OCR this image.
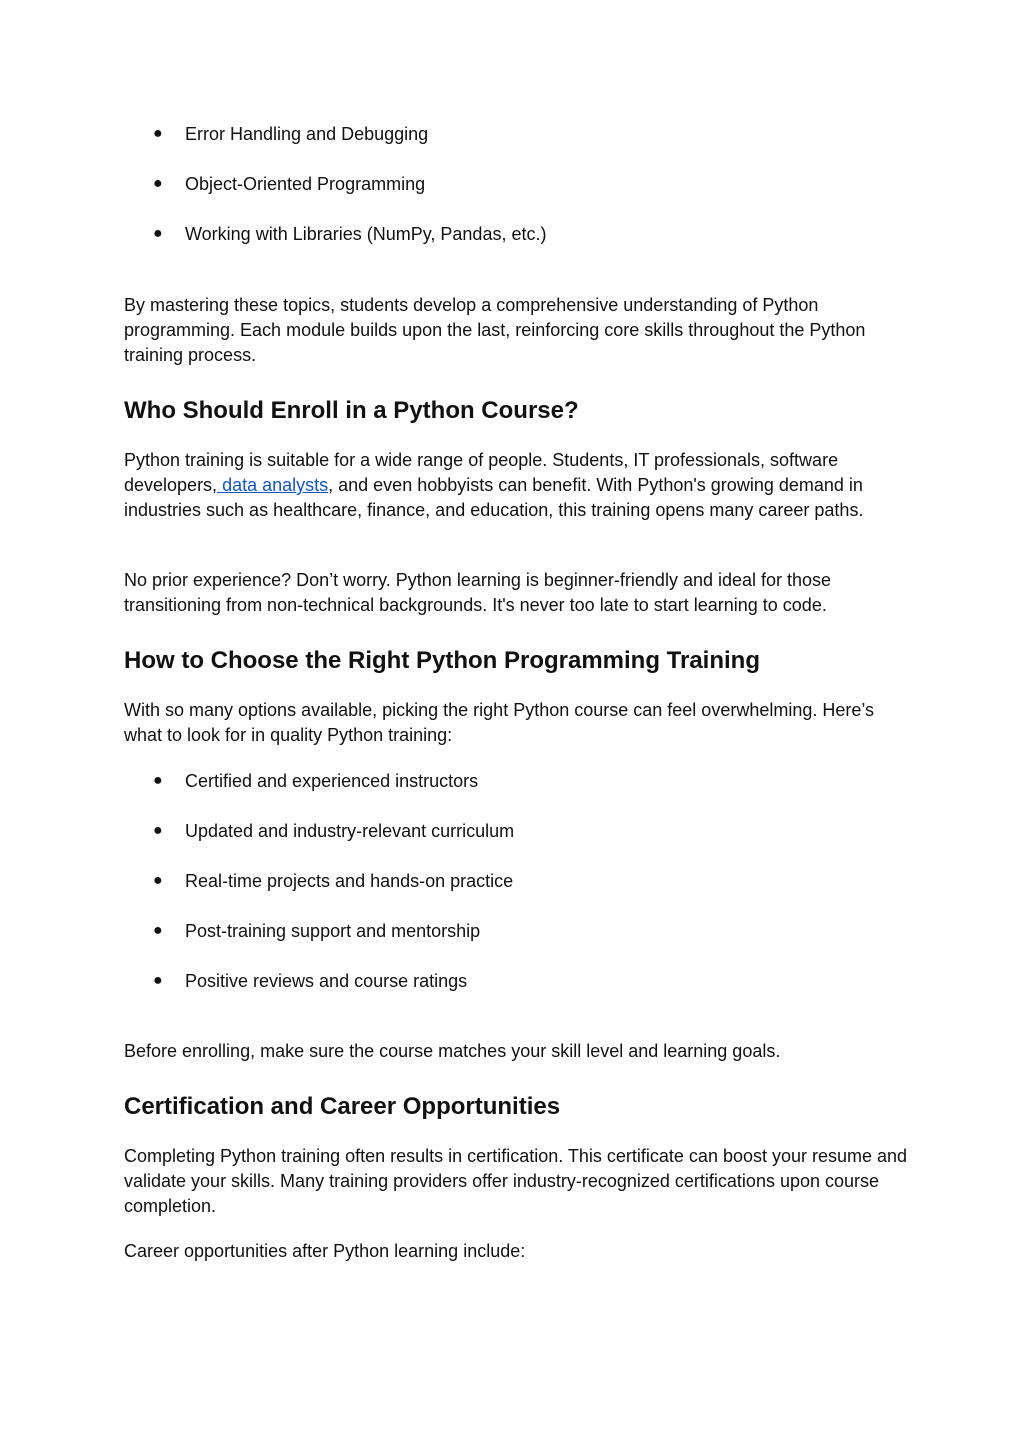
● Error Handling and Debugging
● Object-Oriented Programming
● Working with Libraries (NumPy, Pandas, etc.)

By mastering these topics, students develop a comprehensive understanding of Python programming. Each module builds upon the last, reinforcing core skills throughout the Python training process.

Who Should Enroll in a Python Course?

Python training is suitable for a wide range of people. Students, IT professionals, software developers, data analysts, and even hobbyists can benefit. With Python's growing demand in industries such as healthcare, finance, and education, this training opens many career paths.

No prior experience? Don’t worry. Python learning is beginner-friendly and ideal for those transitioning from non-technical backgrounds. It's never too late to start learning to code.

How to Choose the Right Python Programming Training

With so many options available, picking the right Python course can feel overwhelming. Here’s what to look for in quality Python training:

● Certified and experienced instructors
● Updated and industry-relevant curriculum
● Real-time projects and hands-on practice
● Post-training support and mentorship
● Positive reviews and course ratings

Before enrolling, make sure the course matches your skill level and learning goals.

Certification and Career Opportunities

Completing Python training often results in certification. This certificate can boost your resume and validate your skills. Many training providers offer industry-recognized certifications upon course completion.

Career opportunities after Python learning include:
